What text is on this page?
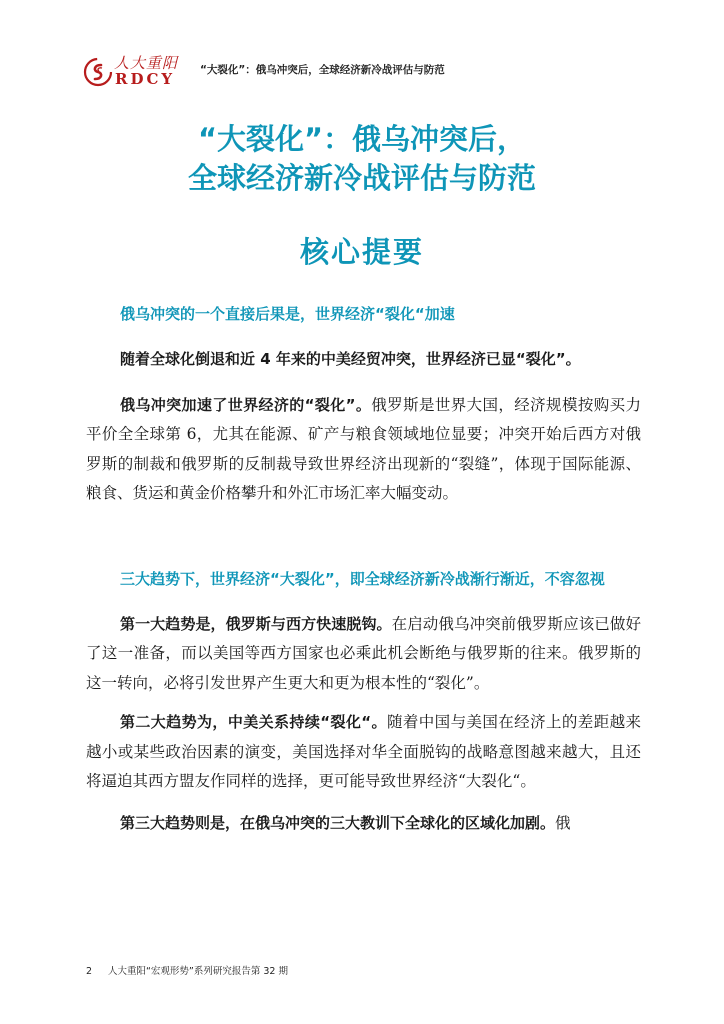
人大重阳
RDCY “大裂化”：俄乌冲突后，全球经济新冷战评估与防范
“大裂化”：俄乌冲突后，
全球经济新冷战评估与防范
核心提要

俄乌冲突的一个直接后果是，世界经济“裂化“加速

随着全球化倒退和近 4 年来的中美经贸冲突，世界经济已显“裂化”。

俄乌冲突加速了世界经济的“裂化”。俄罗斯是世界大国，经济规模按购买力平价全全球第 6，尤其在能源、矿产与粮食领域地位显要；冲突开始后西方对俄罗斯的制裁和俄罗斯的反制裁导致世界经济出现新的“裂缝”，体现于国际能源、粮食、货运和黄金价格攀升和外汇市场汇率大幅变动。

三大趋势下，世界经济“大裂化”，即全球经济新冷战渐行渐近，不容忽视

第一大趋势是，俄罗斯与西方快速脱钩。在启动俄乌冲突前俄罗斯应该已做好了这一准备，而以美国等西方国家也必乘此机会断绝与俄罗斯的往来。俄罗斯的这一转向，必将引发世界产生更大和更为根本性的“裂化”。

第二大趋势为，中美关系持续“裂化“。随着中国与美国在经济上的差距越来越小或某些政治因素的演变，美国选择对华全面脱钩的战略意图越来越大，且还将逼迫其西方盟友作同样的选择，更可能导致世界经济“大裂化“。

第三大趋势则是，在俄乌冲突的三大教训下全球化的区域化加剧。俄

2 人大重阳“宏观形势”系列研究报告第 32 期
